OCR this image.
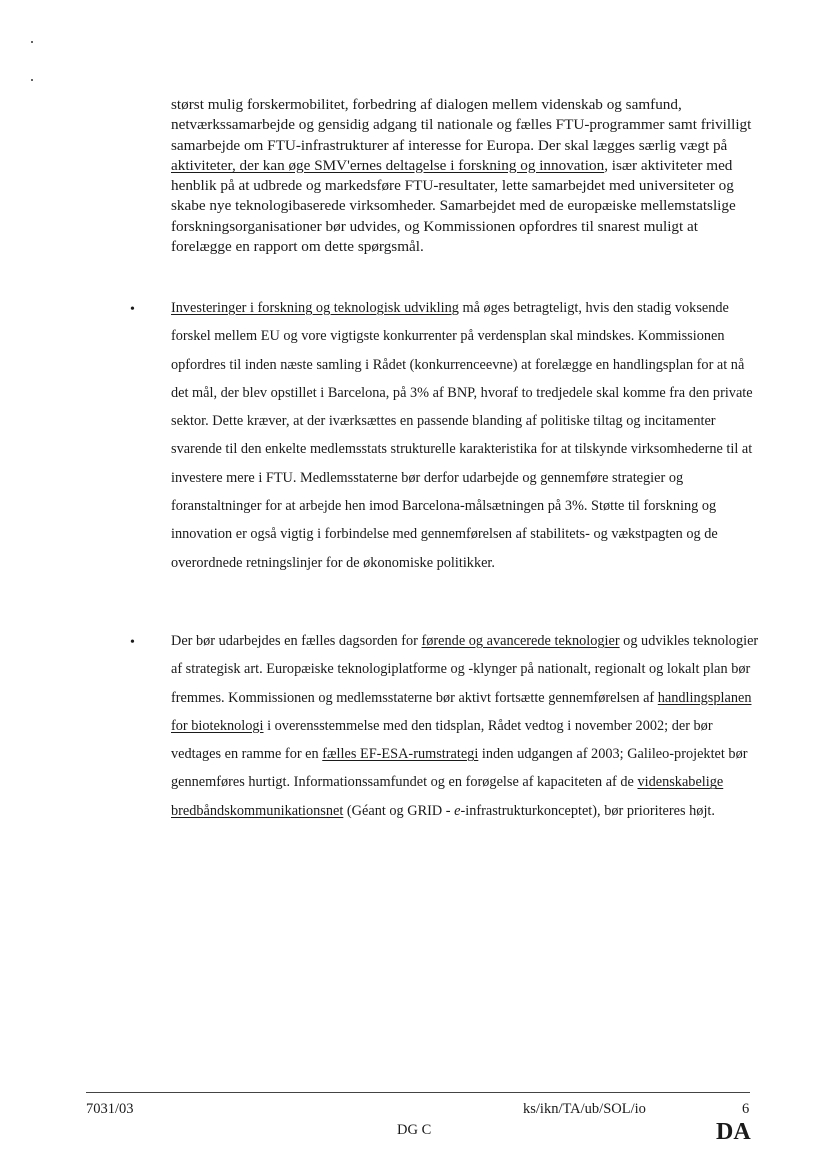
størst mulig forskermobilitet, forbedring af dialogen mellem videnskab og samfund, netværkssamarbejde og gensidig adgang til nationale og fælles FTU-programmer samt frivilligt samarbejde om FTU-infrastrukturer af interesse for Europa. Der skal lægges særlig vægt på aktiviteter, der kan øge SMV'ernes deltagelse i forskning og innovation, især aktiviteter med henblik på at udbrede og markedsføre FTU-resultater, lette samarbejdet med universiteter og skabe nye teknologibaserede virksomheder. Samarbejdet med de europæiske mellemstatslige forskningsorganisationer bør udvides, og Kommissionen opfordres til snarest muligt at forelægge en rapport om dette spørgsmål.

•	Investeringer i forskning og teknologisk udvikling må øges betragteligt, hvis den stadig voksende forskel mellem EU og vore vigtigste konkurrenter på verdensplan skal mindskes. Kommissionen opfordres til inden næste samling i Rådet (konkurrenceevne) at forelægge en handlingsplan for at nå det mål, der blev opstillet i Barcelona, på 3% af BNP, hvoraf to tredjedele skal komme fra den private sektor. Dette kræver, at der iværksættes en passende blanding af politiske tiltag og incitamenter svarende til den enkelte medlemsstats strukturelle karakteristika for at tilskynde virksomhederne til at investere mere i FTU. Medlemsstaterne bør derfor udarbejde og gennemføre strategier og foranstaltninger for at arbejde hen imod Barcelona-målsætningen på 3%. Støtte til forskning og innovation er også vigtig i forbindelse med gennemførelsen af stabilitets- og vækstpagten og de overordnede retningslinjer for de økonomiske politikker.

•	Der bør udarbejdes en fælles dagsorden for førende og avancerede teknologier og udvikles teknologier af strategisk art. Europæiske teknologiplatforme og -klynger på nationalt, regionalt og lokalt plan bør fremmes. Kommissionen og medlemsstaterne bør aktivt fortsætte gennemførelsen af handlingsplanen for bioteknologi i overensstemmelse med den tidsplan, Rådet vedtog i november 2002; der bør vedtages en ramme for en fælles EF-ESA-rumstrategi inden udgangen af 2003; Galileo-projektet bør gennemføres hurtigt. Informationssamfundet og en forøgelse af kapaciteten af de videnskabelige bredbåndskommunikationsnet (Géant og GRID - e-infrastrukturkonceptet), bør prioriteres højt.

7031/03	ks/ikn/TA/ub/SOL/io	6
DG C	DA
